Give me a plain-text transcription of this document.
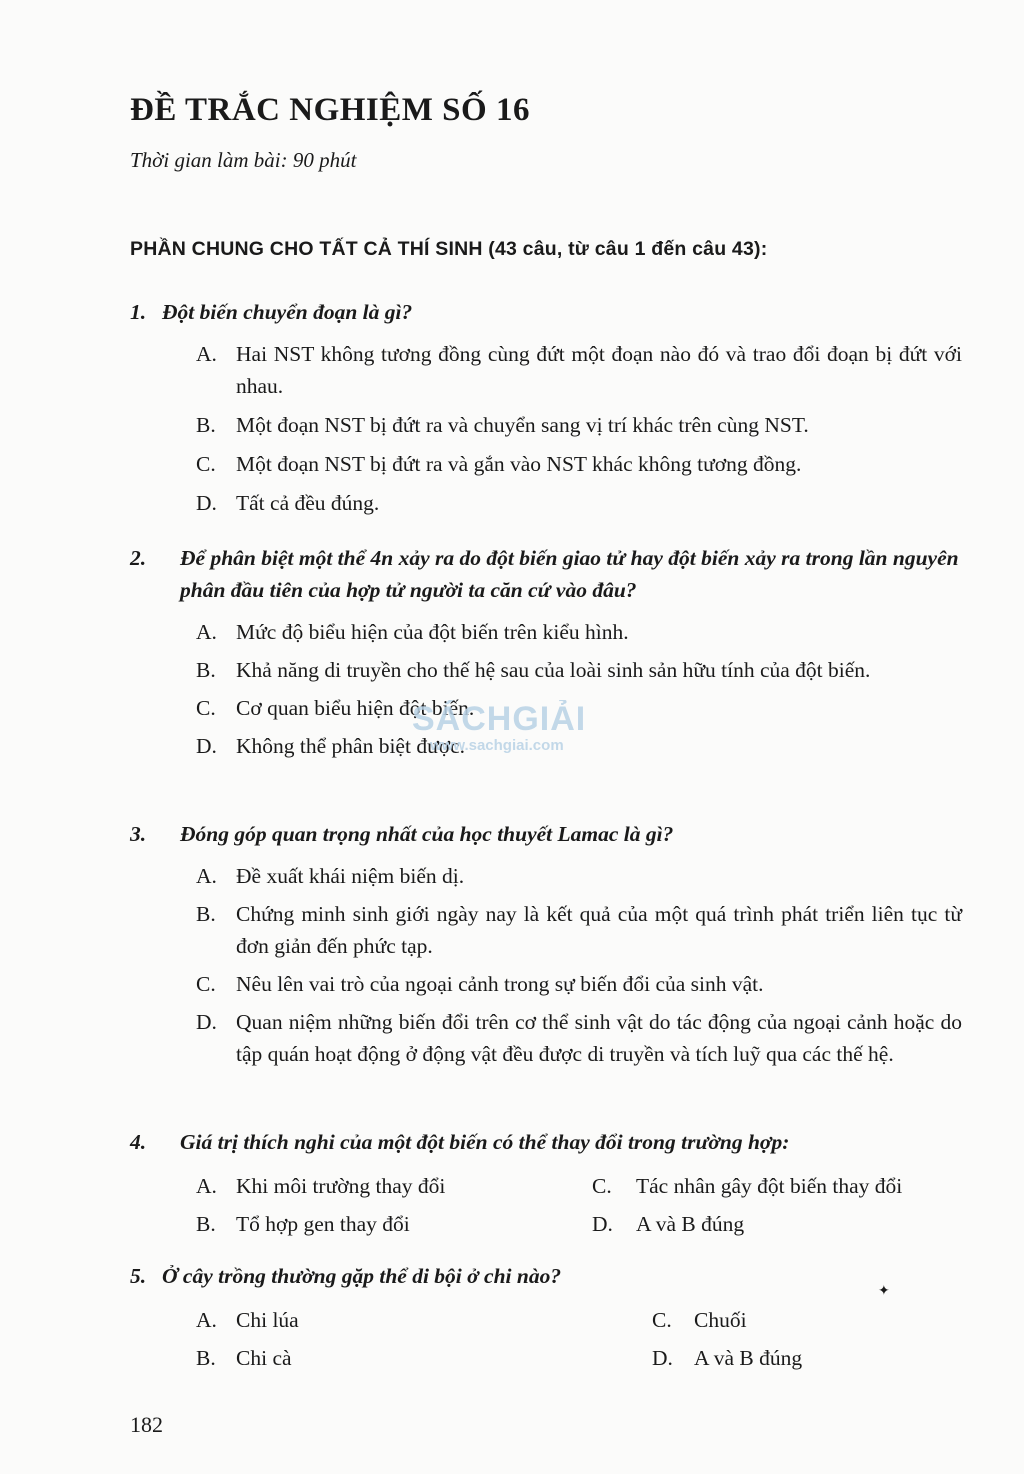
ĐỀ TRẮC NGHIỆM SỐ 16
Thời gian làm bài: 90 phút
PHẦN CHUNG CHO TẤT CẢ THÍ SINH (43 câu, từ câu 1 đến câu 43):
1. Đột biến chuyển đoạn là gì?
A. Hai NST không tương đồng cùng đứt một đoạn nào đó và trao đổi đoạn bị đứt với nhau.
B. Một đoạn NST bị đứt ra và chuyển sang vị trí khác trên cùng NST.
C. Một đoạn NST bị đứt ra và gắn vào NST khác không tương đồng.
D. Tất cả đều đúng.
2. Để phân biệt một thể 4n xảy ra do đột biến giao tử hay đột biến xảy ra trong lần nguyên phân đầu tiên của hợp tử người ta căn cứ vào đâu?
A. Mức độ biểu hiện của đột biến trên kiểu hình.
B. Khả năng di truyền cho thế hệ sau của loài sinh sản hữu tính của đột biến.
C. Cơ quan biểu hiện đột biến.
D. Không thể phân biệt được.
3. Đóng góp quan trọng nhất của học thuyết Lamac là gì?
A. Đề xuất khái niệm biến dị.
B. Chứng minh sinh giới ngày nay là kết quả của một quá trình phát triển liên tục từ đơn giản đến phức tạp.
C. Nêu lên vai trò của ngoại cảnh trong sự biến đổi của sinh vật.
D. Quan niệm những biến đổi trên cơ thể sinh vật do tác động của ngoại cảnh hoặc do tập quán hoạt động ở động vật đều được di truyền và tích luỹ qua các thế hệ.
4. Giá trị thích nghi của một đột biến có thể thay đổi trong trường hợp:
A. Khi môi trường thay đổi	C. Tác nhân gây đột biến thay đổi
B. Tổ hợp gen thay đổi	D. A và B đúng
5. Ở cây trồng thường gặp thể di bội ở chi nào?
A. Chi lúa	C. Chuối
B. Chi cà	D. A và B đúng
✦
SÁCHGIẢI
www.sachgiai.com
182
